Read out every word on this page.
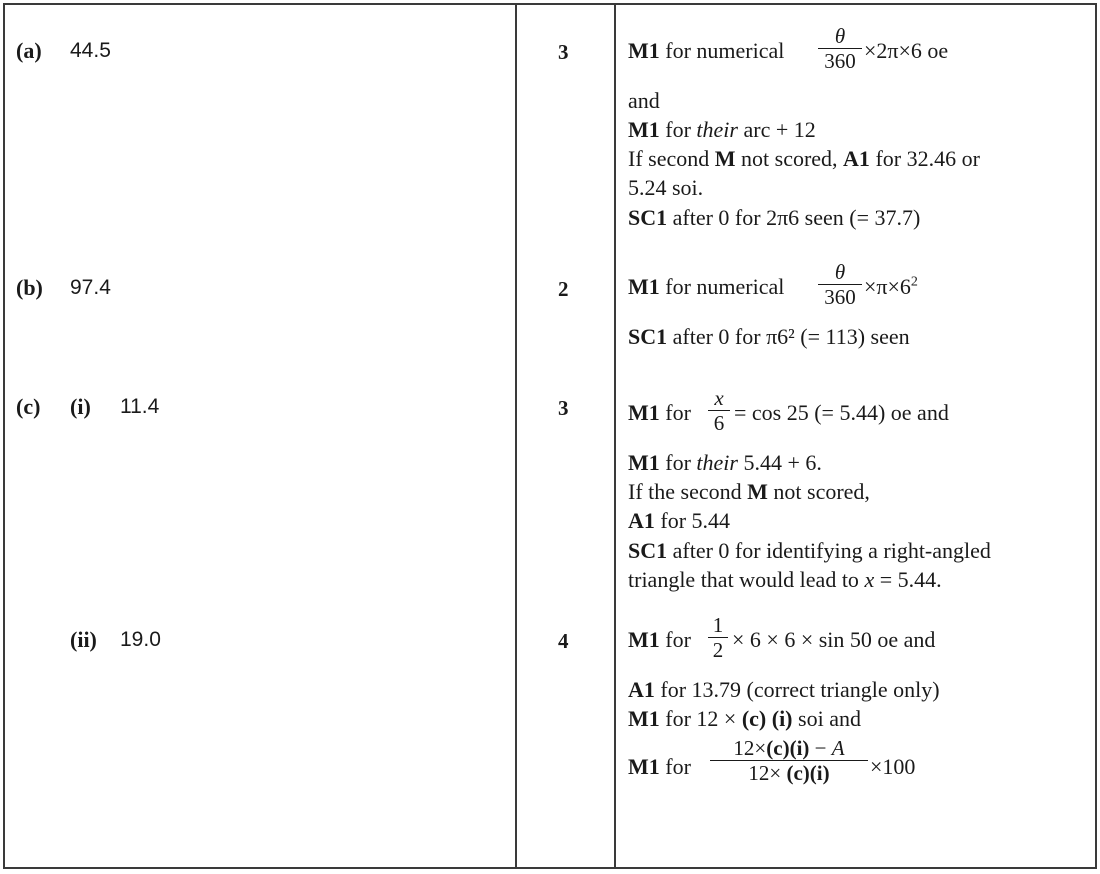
(a) 44.5	3	M1 for numerical
θ
360 ×2π×6 oe
and
M1 for their arc + 12
If second M not scored, A1 for 32.46 or
5.24 soi.
SC1 after 0 for 2π6 seen (= 37.7)
(b) 97.4	2	M1 for numerical
θ
$360 \times\pi\times 6^2$
SC1 after 0 for π6² (= 113) seen
(c) (i) 11.4	3	M1 for
x
6 = cos 25 (= 5.44) oe and
M1 for their 5.44 + 6.
If the second M not scored,
A1 for 5.44
SC1 after 0 for identifying a right-angled
triangle that would lead to x = 5.44.
(ii) 19.0	4	M1 for
1
2 × 6 × 6 × sin 50 oe and
A1 for 13.79 (correct triangle only)
M1 for 12 × (c) (i) soi and
M1 for
12×(c)(i) − A
12× (c)(i) ×100
